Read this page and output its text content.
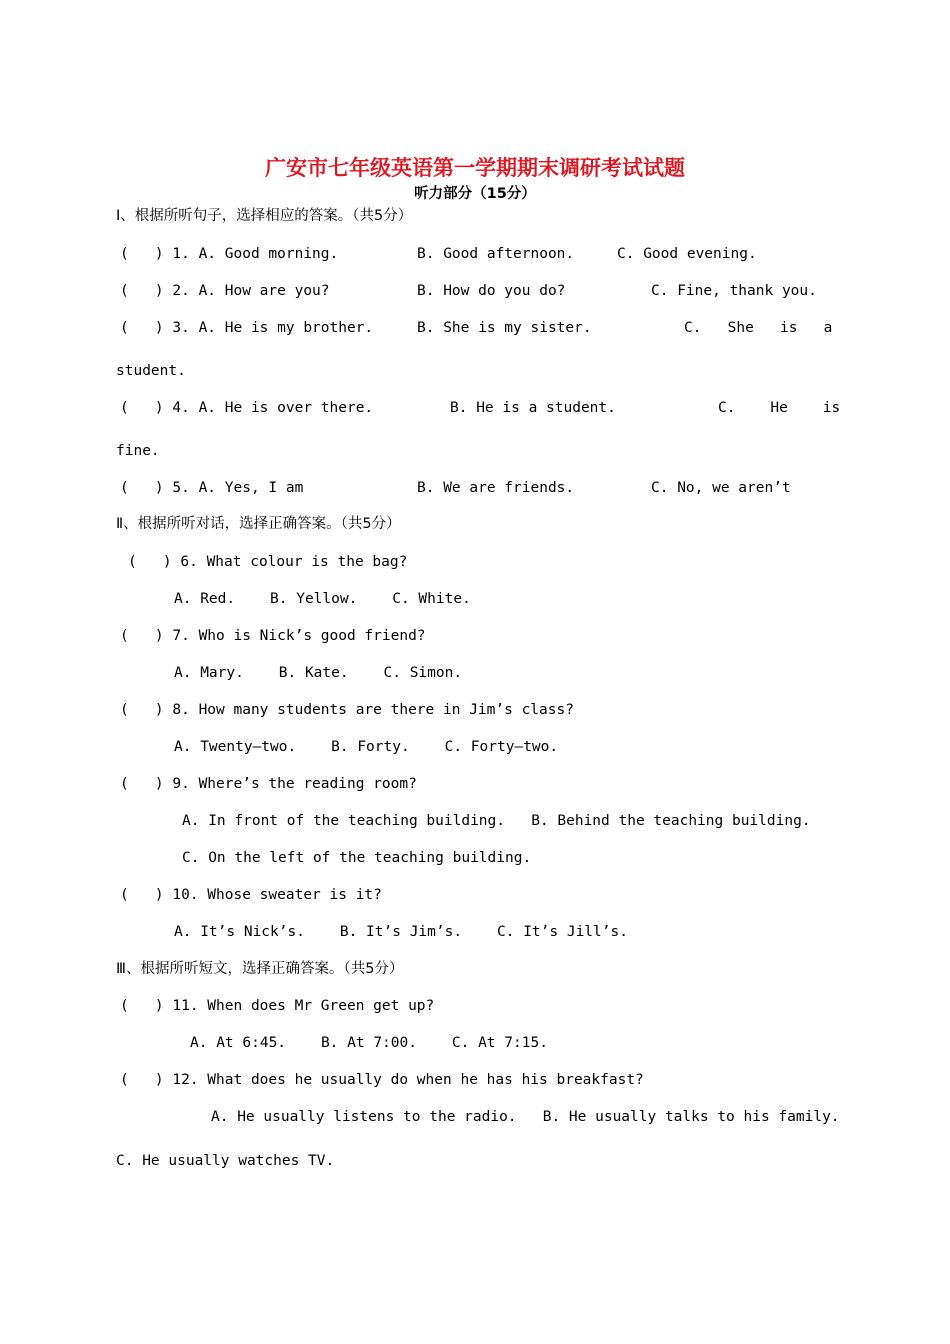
广安市七年级英语第一学期期末调研考试试题
听力部分（15分）
Ⅰ、根据所听句子，选择相应的答案。（共5分）
(   ) 1. A. Good morning.	B. Good afternoon.	C. Good evening.
(   ) 2. A. How are you?	B. How do you do?	C. Fine, thank you.
(   ) 3. A. He is my brother.	B. She is my sister.	C.   She   is   a
student.
(   ) 4. A. He is over there.	B. He is a student.	C.    He    is
fine.
(   ) 5. A. Yes, I am	B. We are friends.	C. No, we aren’t
Ⅱ、根据所听对话，选择正确答案。（共5分）
(   ) 6. What colour is the bag?
A. Red.    B. Yellow.    C. White.
(   ) 7. Who is Nick’s good friend?
A. Mary.    B. Kate.    C. Simon.
(   ) 8. How many students are there in Jim’s class?
A. Twenty—two.    B. Forty.    C. Forty—two.
(   ) 9. Where’s the reading room?
A. In front of the teaching building.   B. Behind the teaching building.
C. On the left of the teaching building.
(   ) 10. Whose sweater is it?
A. It’s Nick’s.    B. It’s Jim’s.    C. It’s Jill’s.
Ⅲ、根据所听短文，选择正确答案。（共5分）
(   ) 11. When does Mr Green get up?
A. At 6:45.    B. At 7:00.    C. At 7:15.
(   ) 12. What does he usually do when he has his breakfast?
A. He usually listens to the radio.   B. He usually talks to his family.
C. He usually watches TV.
